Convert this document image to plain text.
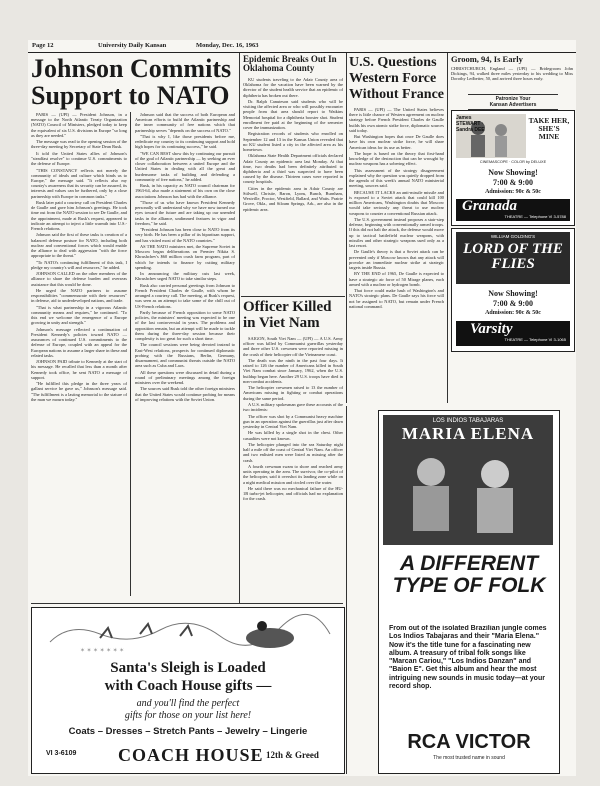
Page 12	University Daily Kansan	Monday, Dec. 16, 1963
Johnson Commits Support to NATO

PARIS — (UPI) — President Johnson, in a message to the North Atlantic Treaty Organization (NATO) Council of Ministers, pledged today to keep the equivalent of six U.S. divisions in Europe "so long as they are needed."

The message was read to the opening session of the three-day meeting by Secretary of State Dean Rusk.

It told the United States allies of Johnson's "steadfast resolve" to continue U.S. commitments to the defense of Europe.

"THIS CONSTANCY reflects not merely the community of ideals and culture which binds us to Europe," the message said. "It reflects also my country's awareness that its security can be assured, its interests and values can be furthered, only by a close partnership with Europe in common tasks."

Rusk later paid a courtesy call on President Charles de Gaulle and gave him Johnson's greetings. He took time out from the NATO session to see De Gaulle, and the appointment, made at Rusk's request, appeared to indicate an attempt to inject a little warmth into U.S.-French relations.

Johnson said the first of these tasks is creation of a balanced defense posture for NATO, including both nuclear and conventional forces which would enable the alliance to deal with aggression "with the force appropriate to the threat."

"To NATO's continuing fulfillment of this task, I pledge my country's will and resources," he added.

JOHNSON CALLED on the other members of the alliance to share the defense burden and overseas assistance that this would be done.

He urged the NATO partners to assume responsibilities "commensurate with their resources" in defense, aid to underdeveloped nations, and trade.

"That is what partnership in a vigorous Atlantic community means and requires," he continued. "To this end we welcome the emergence of a Europe growing in unity and strength."

Johnson's message reflected a continuation of President Kennedy's policies toward NATO — assurances of continued U.S. commitments to the defense of Europe, coupled with an appeal for the European nations to assume a larger share in these and related tasks.

JOHNSON PAID tribute to Kennedy at the start of his message. He recalled that less than a month after Kennedy took office, he sent NATO a message of support.

"He fulfilled this pledge in the three years of gallant service he gave us," Johnson's message said. "The fulfillment is a lasting memorial to the stature of the man we mourn today."

Johnson said that the success of both European and American efforts to build the Atlantic partnership and the inner community of free nations which that partnership serves "depends on the success of NATO."

"That is why I, like those presidents before me, rededicate my country to its continuing support and hold high hopes for its continuing success," he said.

"WE CAN BEST show this by continuing our pursuit of the goal of Atlantic partnership — by seeking an ever closer collaboration between a united Europe and the United States in dealing with all the great and burdensome tasks of building and defending a community of free nations," he added.

Rusk, in his capacity as NATO council chairman for 1963-64, also made a statement of his own on the close associations Johnson has had with the alliance.

"Those of us who have known President Kennedy personally will understand why we have now turned our eyes toward the future and are taking up our unended tasks in the alliance, undimmed features in vigor and freedom," he said.

"President Johnson has been close to NATO from its very birth. He has been a pillar of its bipartisan support, and has visited most of the NATO countries."

AS THE NATO ministers met, the Supreme Soviet in Moscow began deliberations on Premier Nikita S. Khrushchev's $60 million crash farm program, part of which he intends to finance by cutting military spending.

In announcing the military cuts last week, Khrushchev urged NATO to take similar steps.

Rusk also carried personal greetings from Johnson to French President Charles de Gaulle, with whom he arranged a courtesy call. The meeting, at Rusk's request, was seen as an attempt to take some of the chill out of US-French relations.

Partly because of French opposition to some NATO policies, the ministers' meeting was expected to be one of the last controversial in years. The problems and opposition remain, but an attempt will be made to tackle them during the three-day session because their complexity is too great for such a short time.

The council sessions were being devoted instead to East-West relations, prospects for continued diplomatic probing with the Russians, Berlin, Germany, disarmament, and communist threats outside the NATO area such as Cuba and Laos.

All these questions were discussed in detail during a round of preliminary meetings among the foreign ministers over the weekend.

The sources said Rusk told the other foreign ministers that the United States would continue probing for means of improving relations with the Soviet Union.

Epidemic Breaks Out In Oklahoma County

KU students traveling to the Adair County area of Oklahoma for the vacation have been warned by the director of the student health service that an epidemic of diphtheria has broken out there.

Dr. Ralph Canuteson said students who will be visiting the affected area or who will possibly encounter people from that area should report to Watkins Memorial hospital for a diphtheria booster shot. Student enrollment fee paid at the beginning of the semester cover the immunization.

Registration records of students who enrolled on September 12 and 13 in the Kansas Union revealed that no KU student listed a city in the affected area as his hometown.

Oklahoma State Health Department officials declared Adair County an epidemic area last Monday. At that time, two deaths had been definitely attributed to diphtheria and a third was suspected to have been caused by the disease. Thirteen cases were reported in county hospitals.

Cities in the epidemic area in Adair County are Stilwell, Christie, Baron, Lyons, Bunch, Burnham, Westville, Proctor, Westfield, Ballard, and Watts. Prairie Grove, Okla., and Siloam Springs, Ark., are also in the epidemic area.

Officer Killed in Viet Nam

SAIGON, South Viet Nam — (UPI) — A U.S. Army officer was killed by Communist guerrillas yesterday and three other U.S. crewmen were reported missing in the crash of their helicopter off the Vietnamese coast.

The death was the ninth in the past four days. It raised to 126 the number of Americans killed in South Viet Nam combat since January, 1962, when the U.S. buildup began here. Another 29 U.S. troops have died in non-combat accidents.

The helicopter crewmen raised to 13 the number of Americans missing in fighting or combat operations during the same period.

A U.S. military spokesman gave these accounts of the two incidents:

The officer was shot by a Communist heavy machine gun in an operation against the guerrillas just after dawn yesterday in Central Viet Nam.

He was killed by a single shot in the chest. Other casualties were not known.

The helicopter plunged into the sea Saturday night half a mile off the coast of Central Viet Nam. An officer and two enlisted men were listed as missing after the crash.

A fourth crewman swam to shore and reached army units operating in the area. The survivor, the co-pilot of the helicopter, said it overshot its landing zone while on a night medical mission and circled over the water.

He said there was no mechanical failure of the HU-1B turbo-jet helicopter, and officials had no explanation for the crash.

U.S. Questions Western Force Without France

PARIS — (UPI) — The United States believes there is little chance of Western agreement on nuclear strategy before French President Charles de Gaulle builds his own atomic strike force, diplomatic sources said today.

But Washington hopes that once De Gaulle does have his own nuclear strike force, he will share American ideas for its use as better.

The hope is based on the theory that first-hand knowledge of the destruction that can be wrought by nuclear weapons has a sobering effect.

This assessment of the strategy disagreement explained why the question was quietly dropped from the agenda of this week's annual NATO ministerial meeting, sources said.

BECAUSE IT LACKS an anti-missile missile and is exposed to a Soviet attack that could kill 100 million Americans, Washington doubts that Moscow would take seriously any threat to use nuclear weapons to counter a conventional Russian attack.

The U.S. government instead proposes a stair-step defense, beginning with conventionally armed troops. If this did not halt the attack, the defense would move up to tactical battlefield nuclear weapons, with missiles and other strategic weapons used only as a last resort.

De Gaulle's theory is that a Soviet attack can be prevented only if Moscow knows that any attack will provoke an immediate nuclear strike at strategic targets inside Russia.

BY THE END of 1965, De Gaulle is expected to have a strategic air force of 50 Mirage planes, each armed with a nuclear or hydrogen bomb.

That force could make hash of Washington's and NATO's strategic plans. De Gaulle says his force will not be assigned to NATO, but remain under French national command.

Groom, 94, Is Early
CHRISTCHURCH, England — (UPI) — Bridegroom John Dickings, 94, walked three miles yesterday to his wedding to Miss Dorothy Ledbetter, 50, and arrived three hours early.
Patronize Your
Kansan Advertisers
James STEWART · Sandra DEE
TAKE HER, SHE'S MINE
CINEMASCOPE · COLOR by DELUXE
Now Showing!
7:00 & 9:00
Admission: 90c & 50c
Granada
THEATRE — Telephone VI 3-5788
WILLIAM GOLDING'S
LORD OF THE FLIES
Now Showing!
7:00 & 9:00
Admission: 90c & 50c
Varsity
THEATRE — Telephone VI 3-1065
✶ ✶ ✶ ✶ ✶ ✶ ✶
Santa's Sleigh is Loaded
with Coach House gifts —
and you'll find the perfect
gifts for those on your list here!
Coats – Dresses – Stretch Pants – Jewelry – Lingerie
VI 3-6109 COACH HOUSE 12th & Greed
LOS INDIOS TABAJARAS
MARIA ELENA
A DIFFERENT TYPE OF FOLK
From out of the isolated Brazilian jungle comes Los Indios Tabajaras and their "Maria Elena." Now it's the title tune for a fascinating new album. A treasury of tribal folk songs like "Marcan Cariou," "Los Indios Danzan" and "Baion E". Get this album and hear the most intriguing new sounds in music today—at your record shop.
RCA VICTOR
The most trusted name in sound
